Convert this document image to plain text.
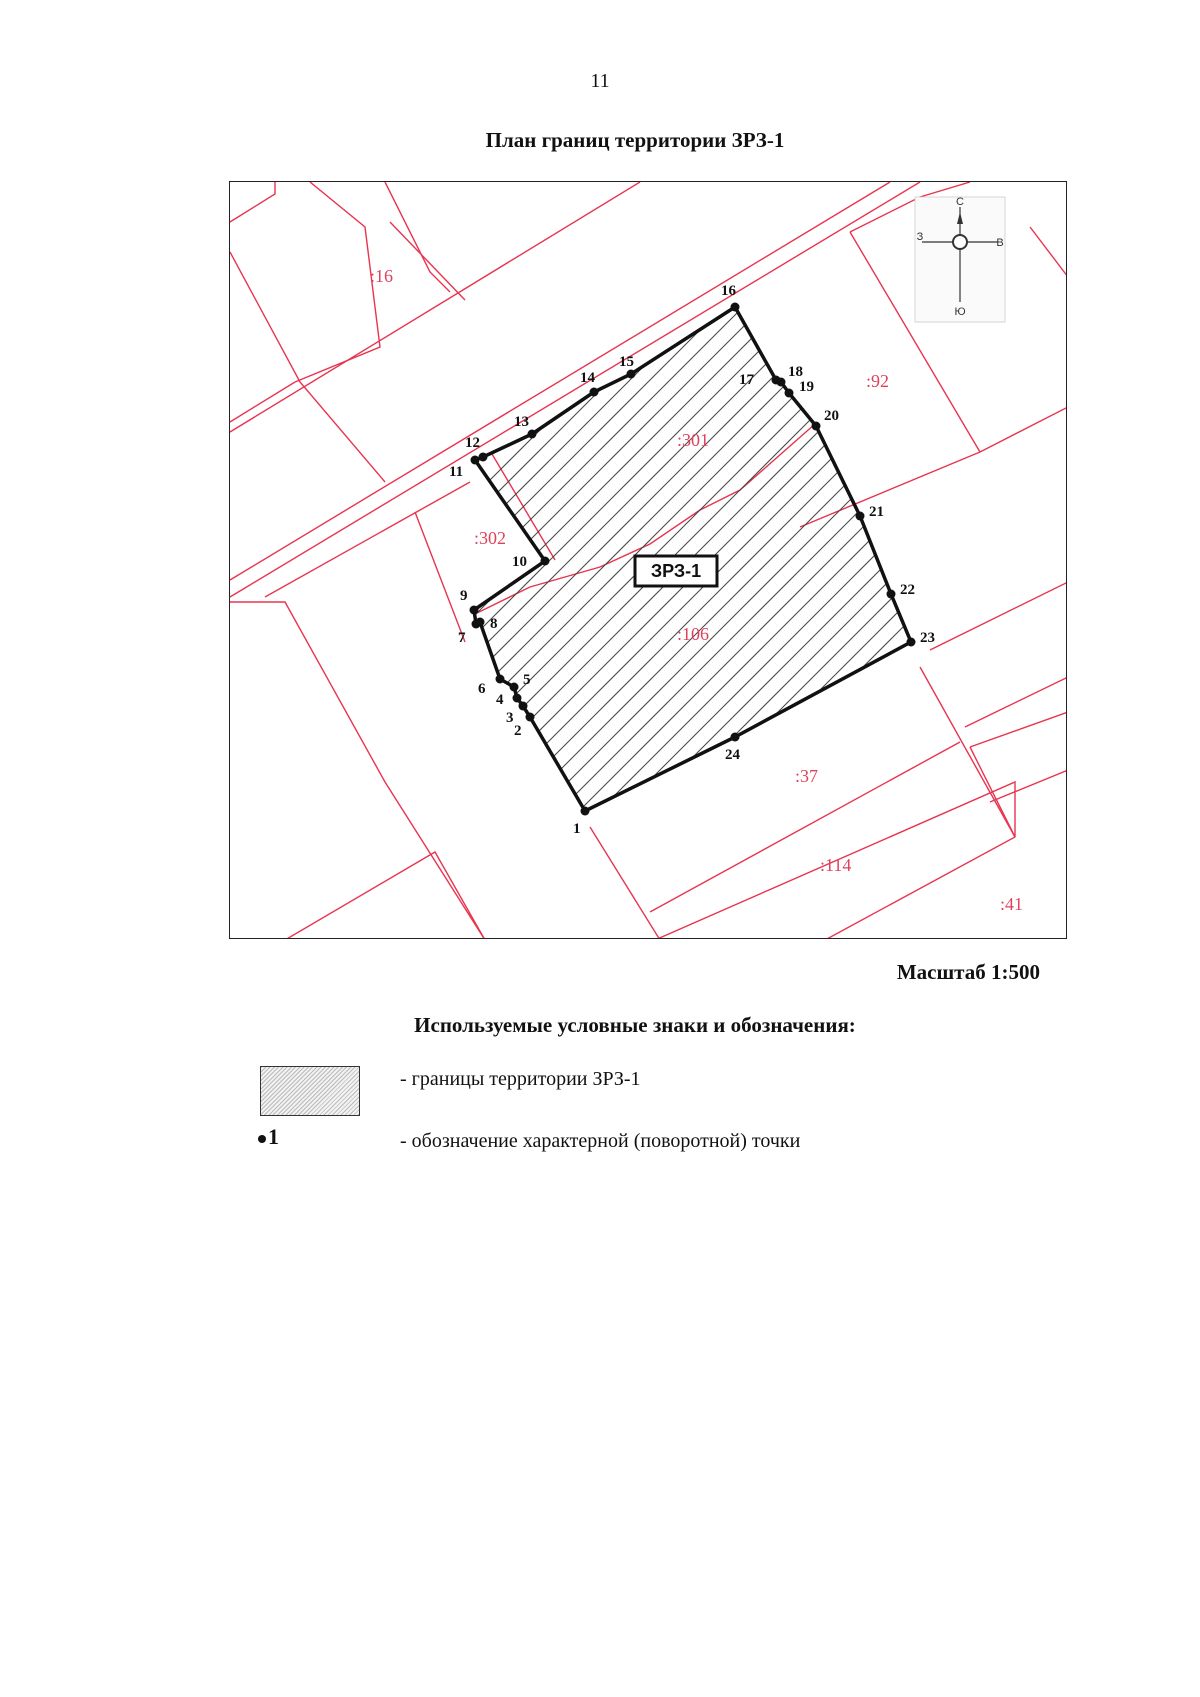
11
План границ территории ЗРЗ-1
1
2
3
4
5
6
7
8
9
10
11
12
13
14
15
16
17 18
19
20
21
22
23
24
:16
:92
:301
:302
:106
:37
:114
:41
ЗРЗ-1
С
Ю
З	В
Масштаб 1:500
Используемые условные знаки и обозначения:
- границы территории ЗРЗ-1
1	- обозначение характерной (поворотной) точки
